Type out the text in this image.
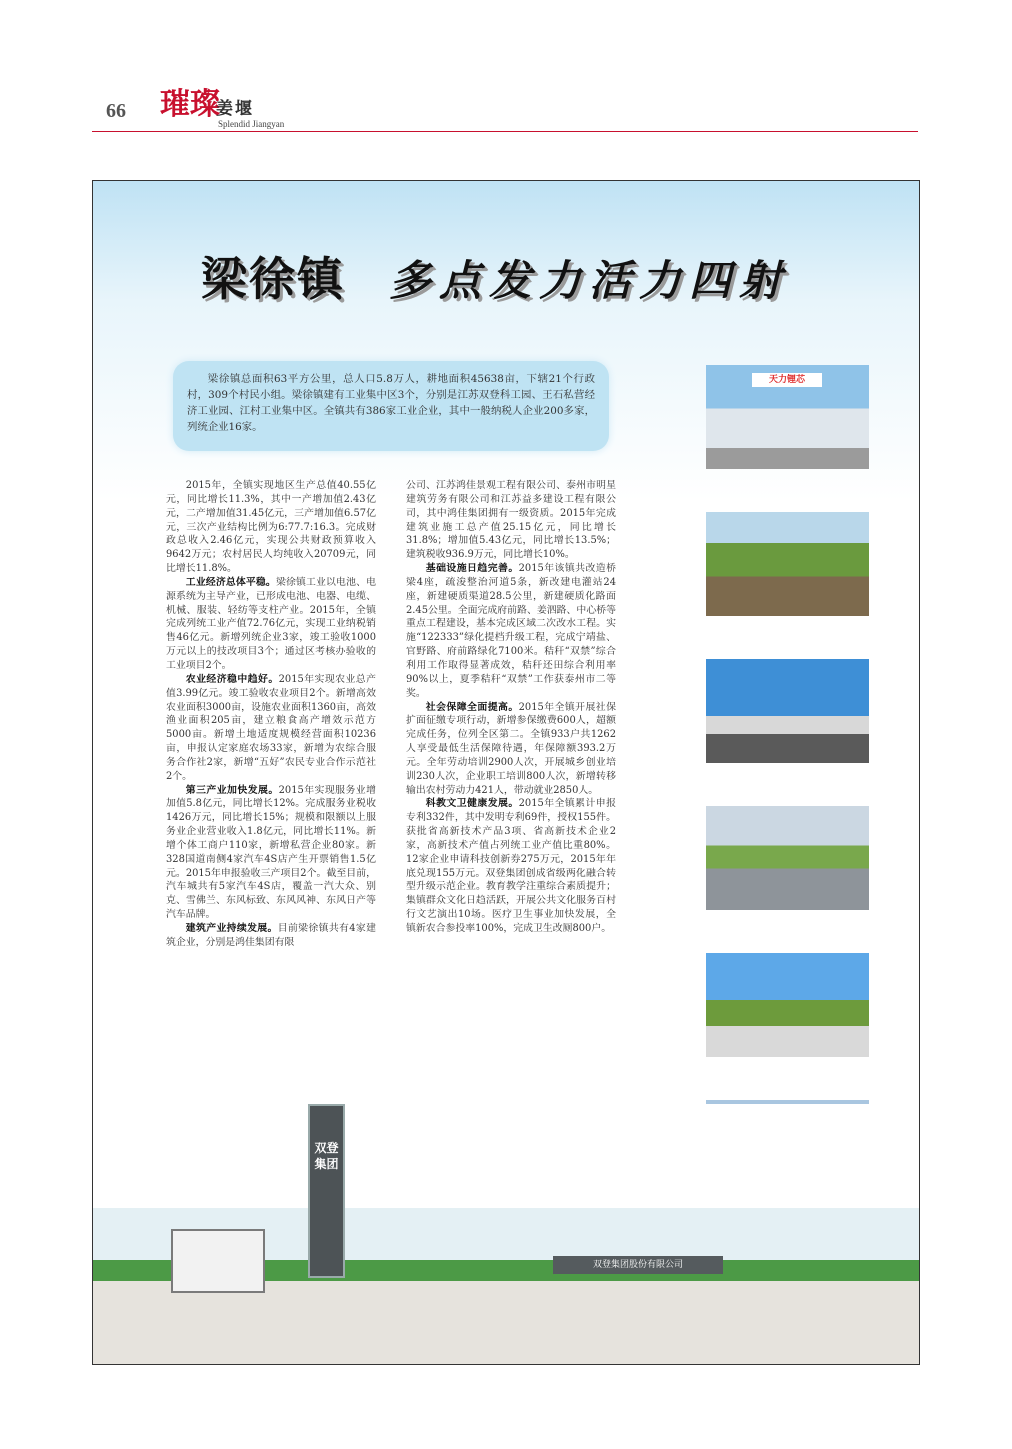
66 璀璨
姜堰
Splendid Jiangyan
梁徐镇 多点发力活力四射
梁徐镇总面积63平方公里，总人口5.8万人，耕地面积45638亩，下辖21个行政村，309个村民小组。梁徐镇建有工业集中区3个，分别是江苏双登科工园、王石私营经济工业园、江村工业集中区。全镇共有386家工业企业，其中一般纳税人企业200多家，列统企业16家。

2015年，全镇实现地区生产总值40.55亿元，同比增长11.3%，其中一产增加值2.43亿元，二产增加值31.45亿元，三产增加值6.57亿元，三次产业结构比例为6:77.7:16.3。完成财政总收入2.46亿元，实现公共财政预算收入9642万元；农村居民人均纯收入20709元，同比增长11.8%。

工业经济总体平稳。梁徐镇工业以电池、电源系统为主导产业，已形成电池、电器、电缆、机械、服装、轻纺等支柱产业。2015年，全镇完成列统工业产值72.76亿元，实现工业纳税销售46亿元。新增列统企业3家，竣工验收1000万元以上的技改项目3个；通过区考核办验收的工业项目2个。

农业经济稳中趋好。2015年实现农业总产值3.99亿元。竣工验收农业项目2个。新增高效农业面积3000亩，设施农业面积1360亩，高效渔业面积205亩，建立粮食高产增效示范方5000亩。新增土地适度规模经营面积10236亩，申报认定家庭农场33家，新增为农综合服务合作社2家，新增“五好”农民专业合作示范社2个。

第三产业加快发展。2015年实现服务业增加值5.8亿元，同比增长12%。完成服务业税收1426万元，同比增长15%；规模和限额以上服务业企业营业收入1.8亿元，同比增长11%。新增个体工商户110家，新增私营企业80家。新328国道南侧4家汽车4S店产生开票销售1.5亿元。2015年申报验收三产项目2个。截至目前，汽车城共有5家汽车4S店，覆盖一汽大众、别克、雪佛兰、东风标致、东风风神、东风日产等汽车品牌。

建筑产业持续发展。目前梁徐镇共有4家建筑企业，分别是鸿佳集团有限

公司、江苏鸿佳景观工程有限公司、泰州市明星建筑劳务有限公司和江苏益多建设工程有限公司，其中鸿佳集团拥有一级资质。2015年完成建筑业施工总产值25.15亿元，同比增长31.8%；增加值5.43亿元，同比增长13.5%；建筑税收936.9万元，同比增长10%。

基础设施日趋完善。2015年该镇共改造桥梁4座，疏浚整治河道5条，新改建电灌站24座，新建硬质渠道28.5公里，新建硬质化路面2.45公里。全面完成府前路、姜泗路、中心桥等重点工程建设，基本完成区域二次改水工程。实施“122333”绿化提档升级工程，完成宁靖盐、官野路、府前路绿化7100米。秸秆“双禁”综合利用工作取得显著成效，秸秆还田综合利用率90%以上，夏季秸秆“双禁”工作获泰州市二等奖。

社会保障全面提高。2015年全镇开展社保扩面征缴专项行动，新增参保缴费600人，超额完成任务，位列全区第二。全镇933户共1262人享受最低生活保障待遇，年保障额393.2万元。全年劳动培训2900人次，开展城乡创业培训230人次，企业职工培训800人次，新增转移输出农村劳动力421人，带动就业2850人。

科教文卫健康发展。2015年全镇累计申报专利332件，其中发明专利69件，授权155件。获批省高新技术产品3项、省高新技术企业2家，高新技术产值占列统工业产值比重80%。12家企业申请科技创新券275万元，2015年年底兑现155万元。双登集团创成省级两化融合转型升级示范企业。教育教学注重综合素质提升；集镇群众文化日趋活跃，开展公共文化服务百村行文艺演出10场。医疗卫生事业加快发展，全镇新农合参投率100%，完成卫生改厕800户。

天力锂芯
双登集团
双登集团股份有限公司
